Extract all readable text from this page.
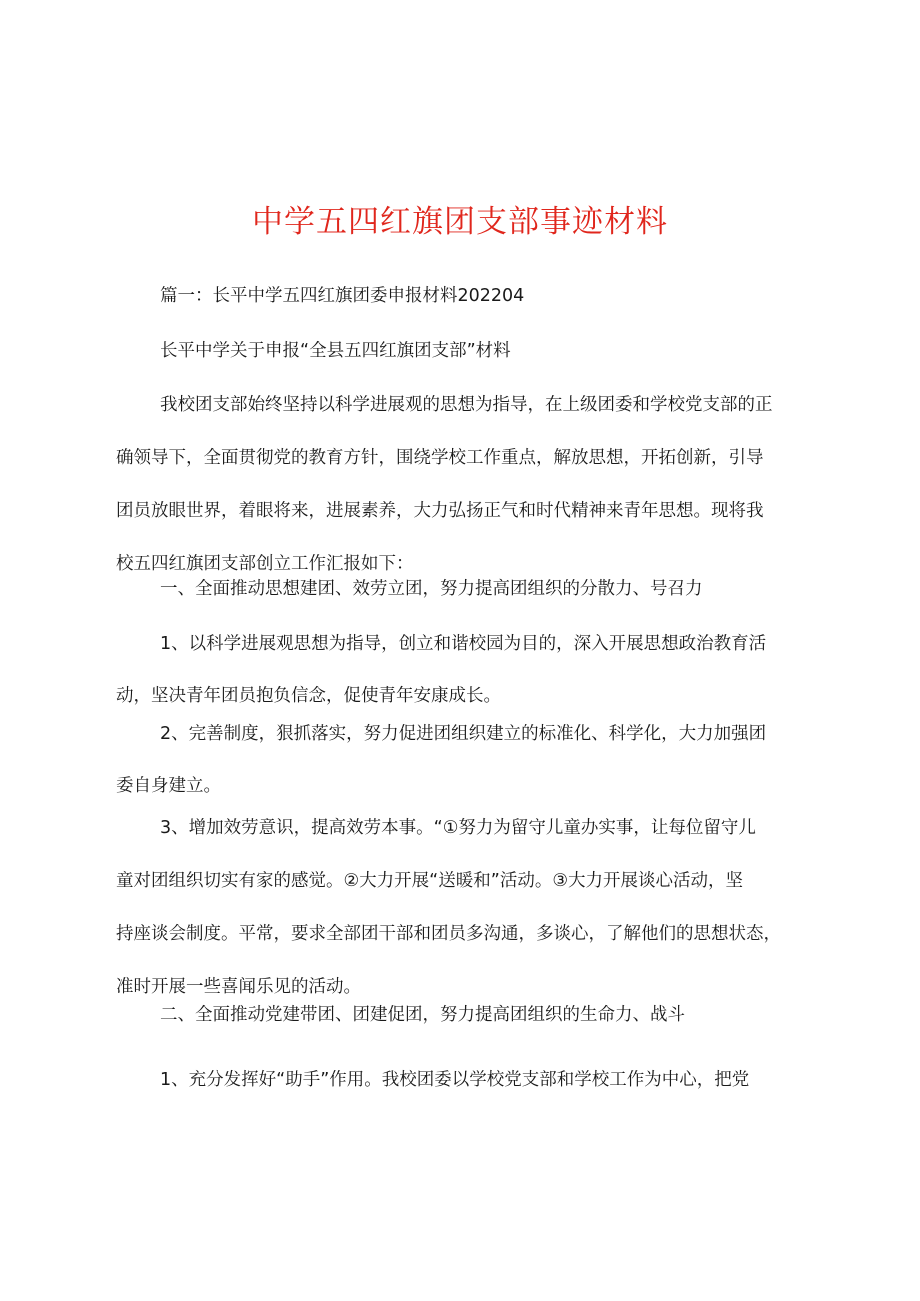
中学五四红旗团支部事迹材料
篇一：长平中学五四红旗团委申报材料202204
长平中学关于申报“全县五四红旗团支部”材料
我校团支部始终坚持以科学进展观的思想为指导，在上级团委和学校党支部的正
确领导下，全面贯彻党的教育方针，围绕学校工作重点，解放思想，开拓创新，引导
团员放眼世界，着眼将来，进展素养，大力弘扬正气和时代精神来青年思想。现将我
校五四红旗团支部创立工作汇报如下：
一、全面推动思想建团、效劳立团，努力提高团组织的分散力、号召力
1、以科学进展观思想为指导，创立和谐校园为目的，深入开展思想政治教育活
动，坚决青年团员抱负信念，促使青年安康成长。
2、完善制度，狠抓落实，努力促进团组织建立的标准化、科学化，大力加强团
委自身建立。
3、增加效劳意识，提高效劳本事。“①努力为留守儿童办实事，让每位留守儿
童对团组织切实有家的感觉。②大力开展“送暖和”活动。③大力开展谈心活动，坚
持座谈会制度。平常，要求全部团干部和团员多沟通，多谈心，了解他们的思想状态，
准时开展一些喜闻乐见的活动。
二、全面推动党建带团、团建促团，努力提高团组织的生命力、战斗
1、充分发挥好“助手”作用。我校团委以学校党支部和学校工作为中心，把党
